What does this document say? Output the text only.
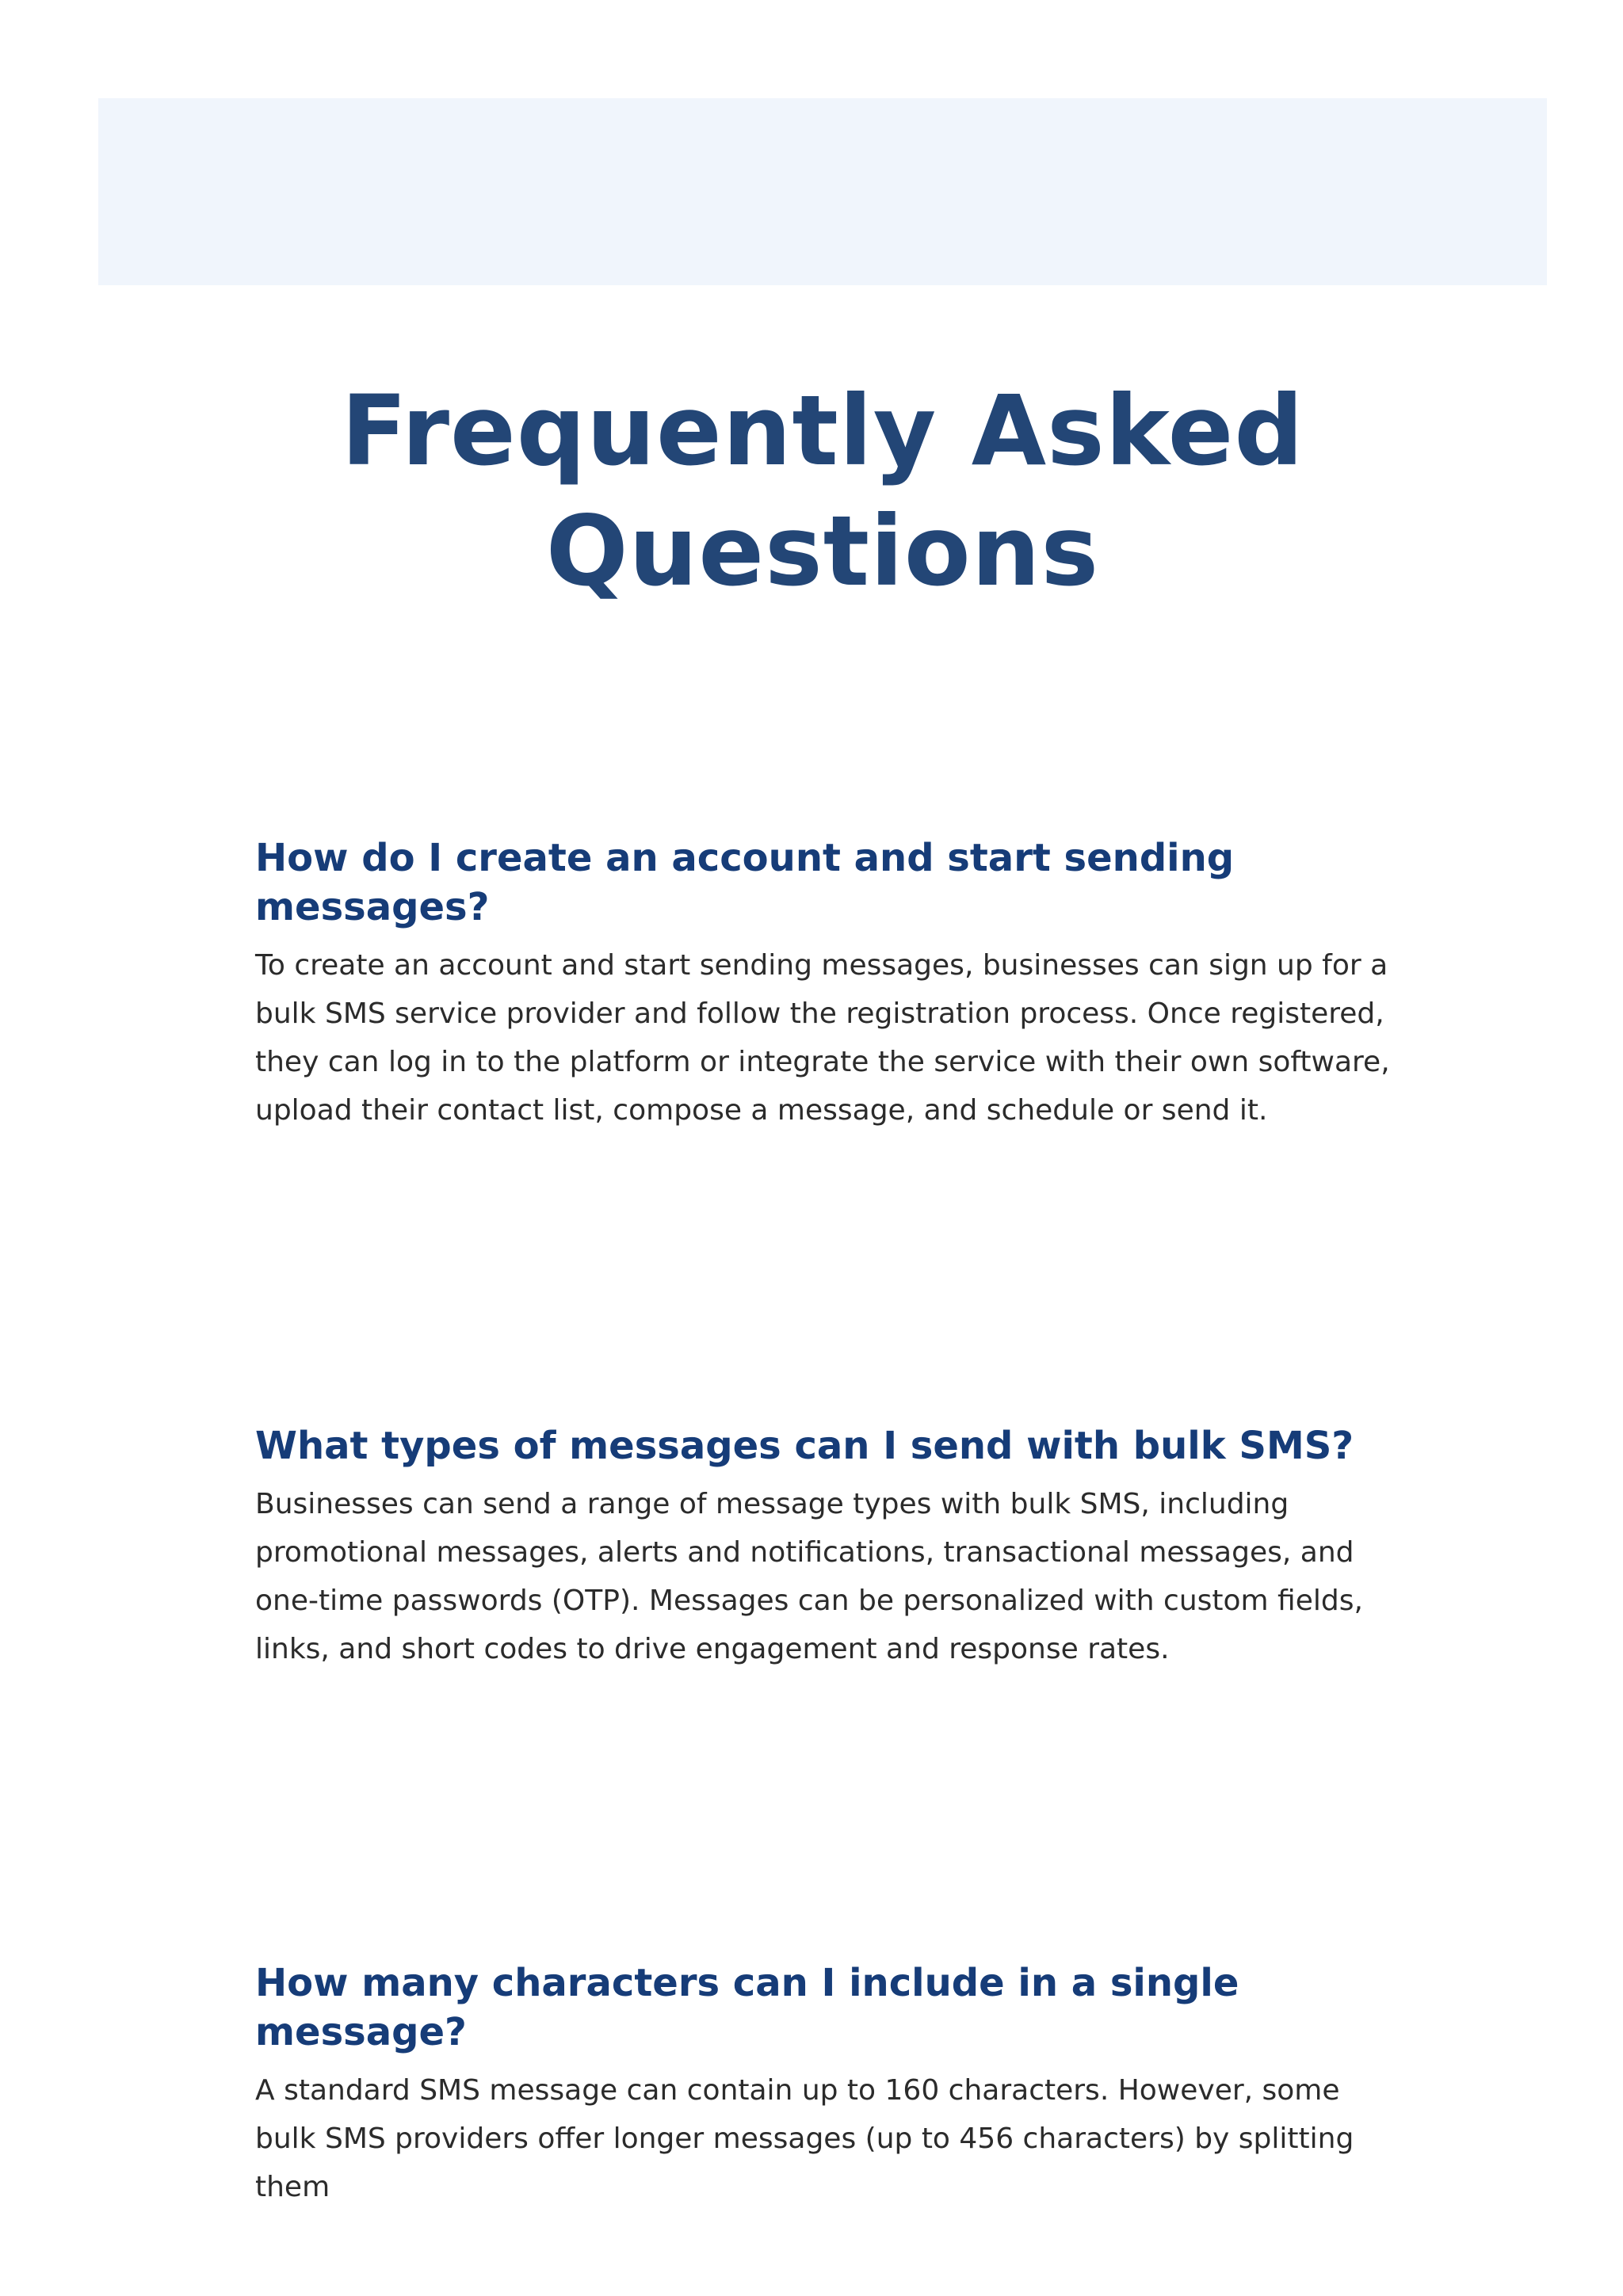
Frequently Asked Questions
How do I create an account and start sending messages?

To create an account and start sending messages, businesses can sign up for a bulk SMS service provider and follow the registration process. Once registered, they can log in to the platform or integrate the service with their own software, upload their contact list, compose a message, and schedule or send it.

What types of messages can I send with bulk SMS?

Businesses can send a range of message types with bulk SMS, including promotional messages, alerts and notifications, transactional messages, and one-time passwords (OTP). Messages can be personalized with custom fields, links, and short codes to drive engagement and response rates.

How many characters can I include in a single message?

A standard SMS message can contain up to 160 characters. However, some bulk SMS providers offer longer messages (up to 456 characters) by splitting them
